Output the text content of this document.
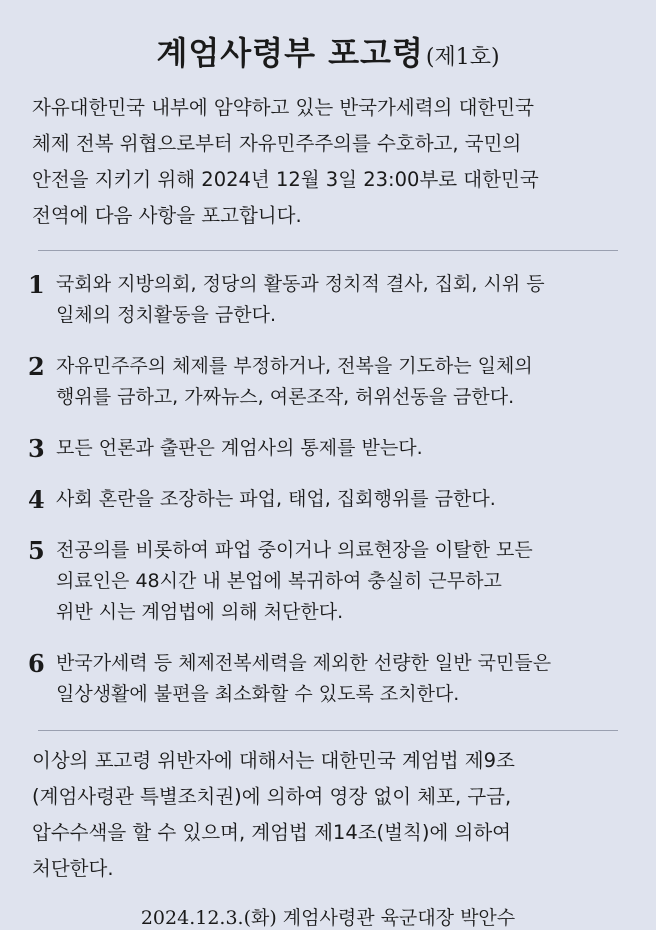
계엄사령부 포고령(제1호)
자유대한민국 내부에 암약하고 있는 반국가세력의 대한민국
체제 전복 위협으로부터 자유민주주의를 수호하고, 국민의
안전을 지키기 위해 2024년 12월 3일 23:00부로 대한민국
전역에 다음 사항을 포고합니다.
1 국회와 지방의회, 정당의 활동과 정치적 결사, 집회, 시위 등
일체의 정치활동을 금한다.
2 자유민주주의 체제를 부정하거나, 전복을 기도하는 일체의
행위를 금하고, 가짜뉴스, 여론조작, 허위선동을 금한다.
3 모든 언론과 출판은 계엄사의 통제를 받는다.
4 사회 혼란을 조장하는 파업, 태업, 집회행위를 금한다.
5 전공의를 비롯하여 파업 중이거나 의료현장을 이탈한 모든
의료인은 48시간 내 본업에 복귀하여 충실히 근무하고
위반 시는 계엄법에 의해 처단한다.
6 반국가세력 등 체제전복세력을 제외한 선량한 일반 국민들은
일상생활에 불편을 최소화할 수 있도록 조치한다.
이상의 포고령 위반자에 대해서는 대한민국 계엄법 제9조
(계엄사령관 특별조치권)에 의하여 영장 없이 체포, 구금,
압수수색을 할 수 있으며, 계엄법 제14조(벌칙)에 의하여
처단한다.
2024.12.3.(화) 계엄사령관 육군대장 박안수
